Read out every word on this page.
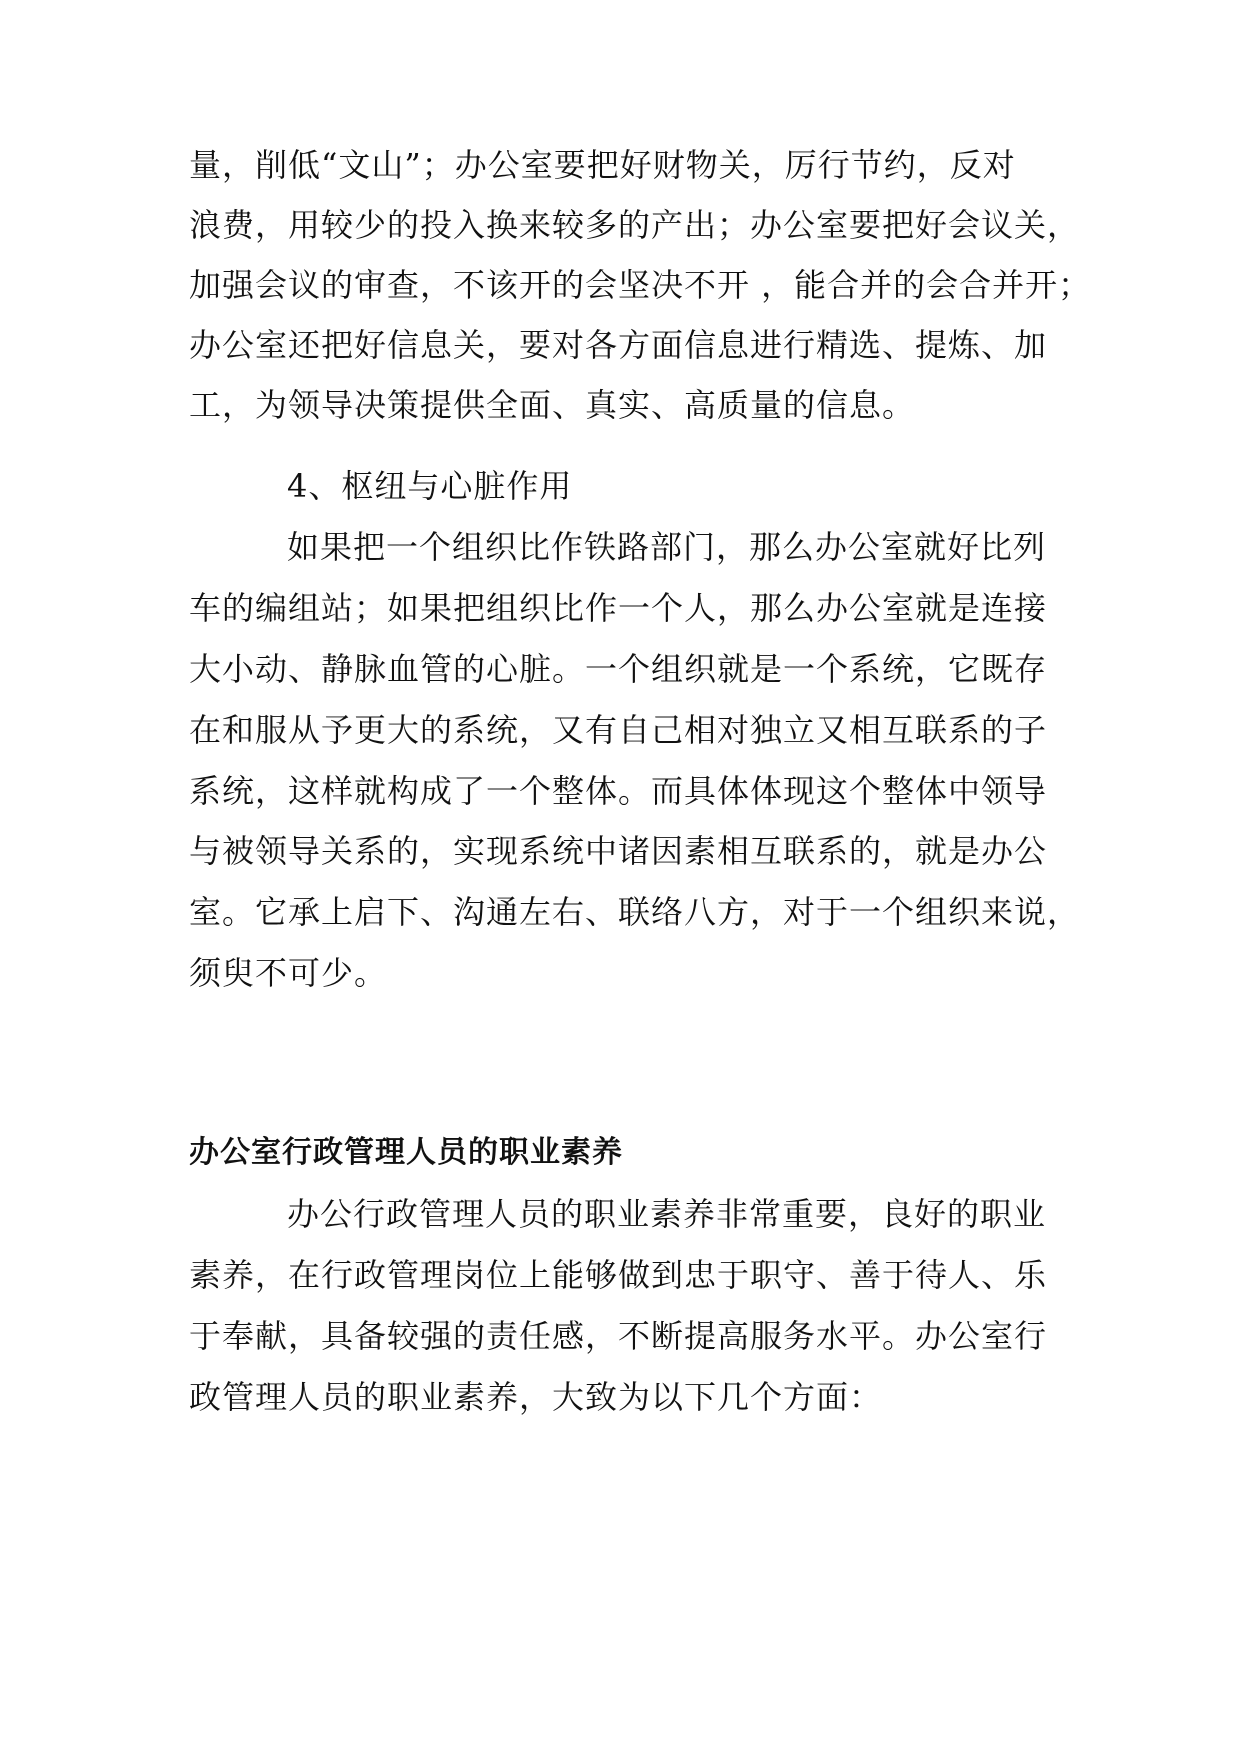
量，削低“文山”；办公室要把好财物关，厉行节约，反对
浪费，用较少的投入换来较多的产出；办公室要把好会议关，
加强会议的审查，不该开的会坚决不开 ，能合并的会合并开；
办公室还把好信息关，要对各方面信息进行精选、提炼、加
工，为领导决策提供全面、真实、高质量的信息。
4、枢纽与心脏作用
如果把一个组织比作铁路部门，那么办公室就好比列
车的编组站；如果把组织比作一个人，那么办公室就是连接
大小动、静脉血管的心脏。一个组织就是一个系统，它既存
在和服从予更大的系统，又有自己相对独立又相互联系的子
系统，这样就构成了一个整体。而具体体现这个整体中领导
与被领导关系的，实现系统中诸因素相互联系的，就是办公
室。它承上启下、沟通左右、联络八方，对于一个组织来说，
须臾不可少。
办公室行政管理人员的职业素养
办公行政管理人员的职业素养非常重要，良好的职业
素养，在行政管理岗位上能够做到忠于职守、善于待人、乐
于奉献，具备较强的责任感，不断提高服务水平。办公室行
政管理人员的职业素养，大致为以下几个方面：
